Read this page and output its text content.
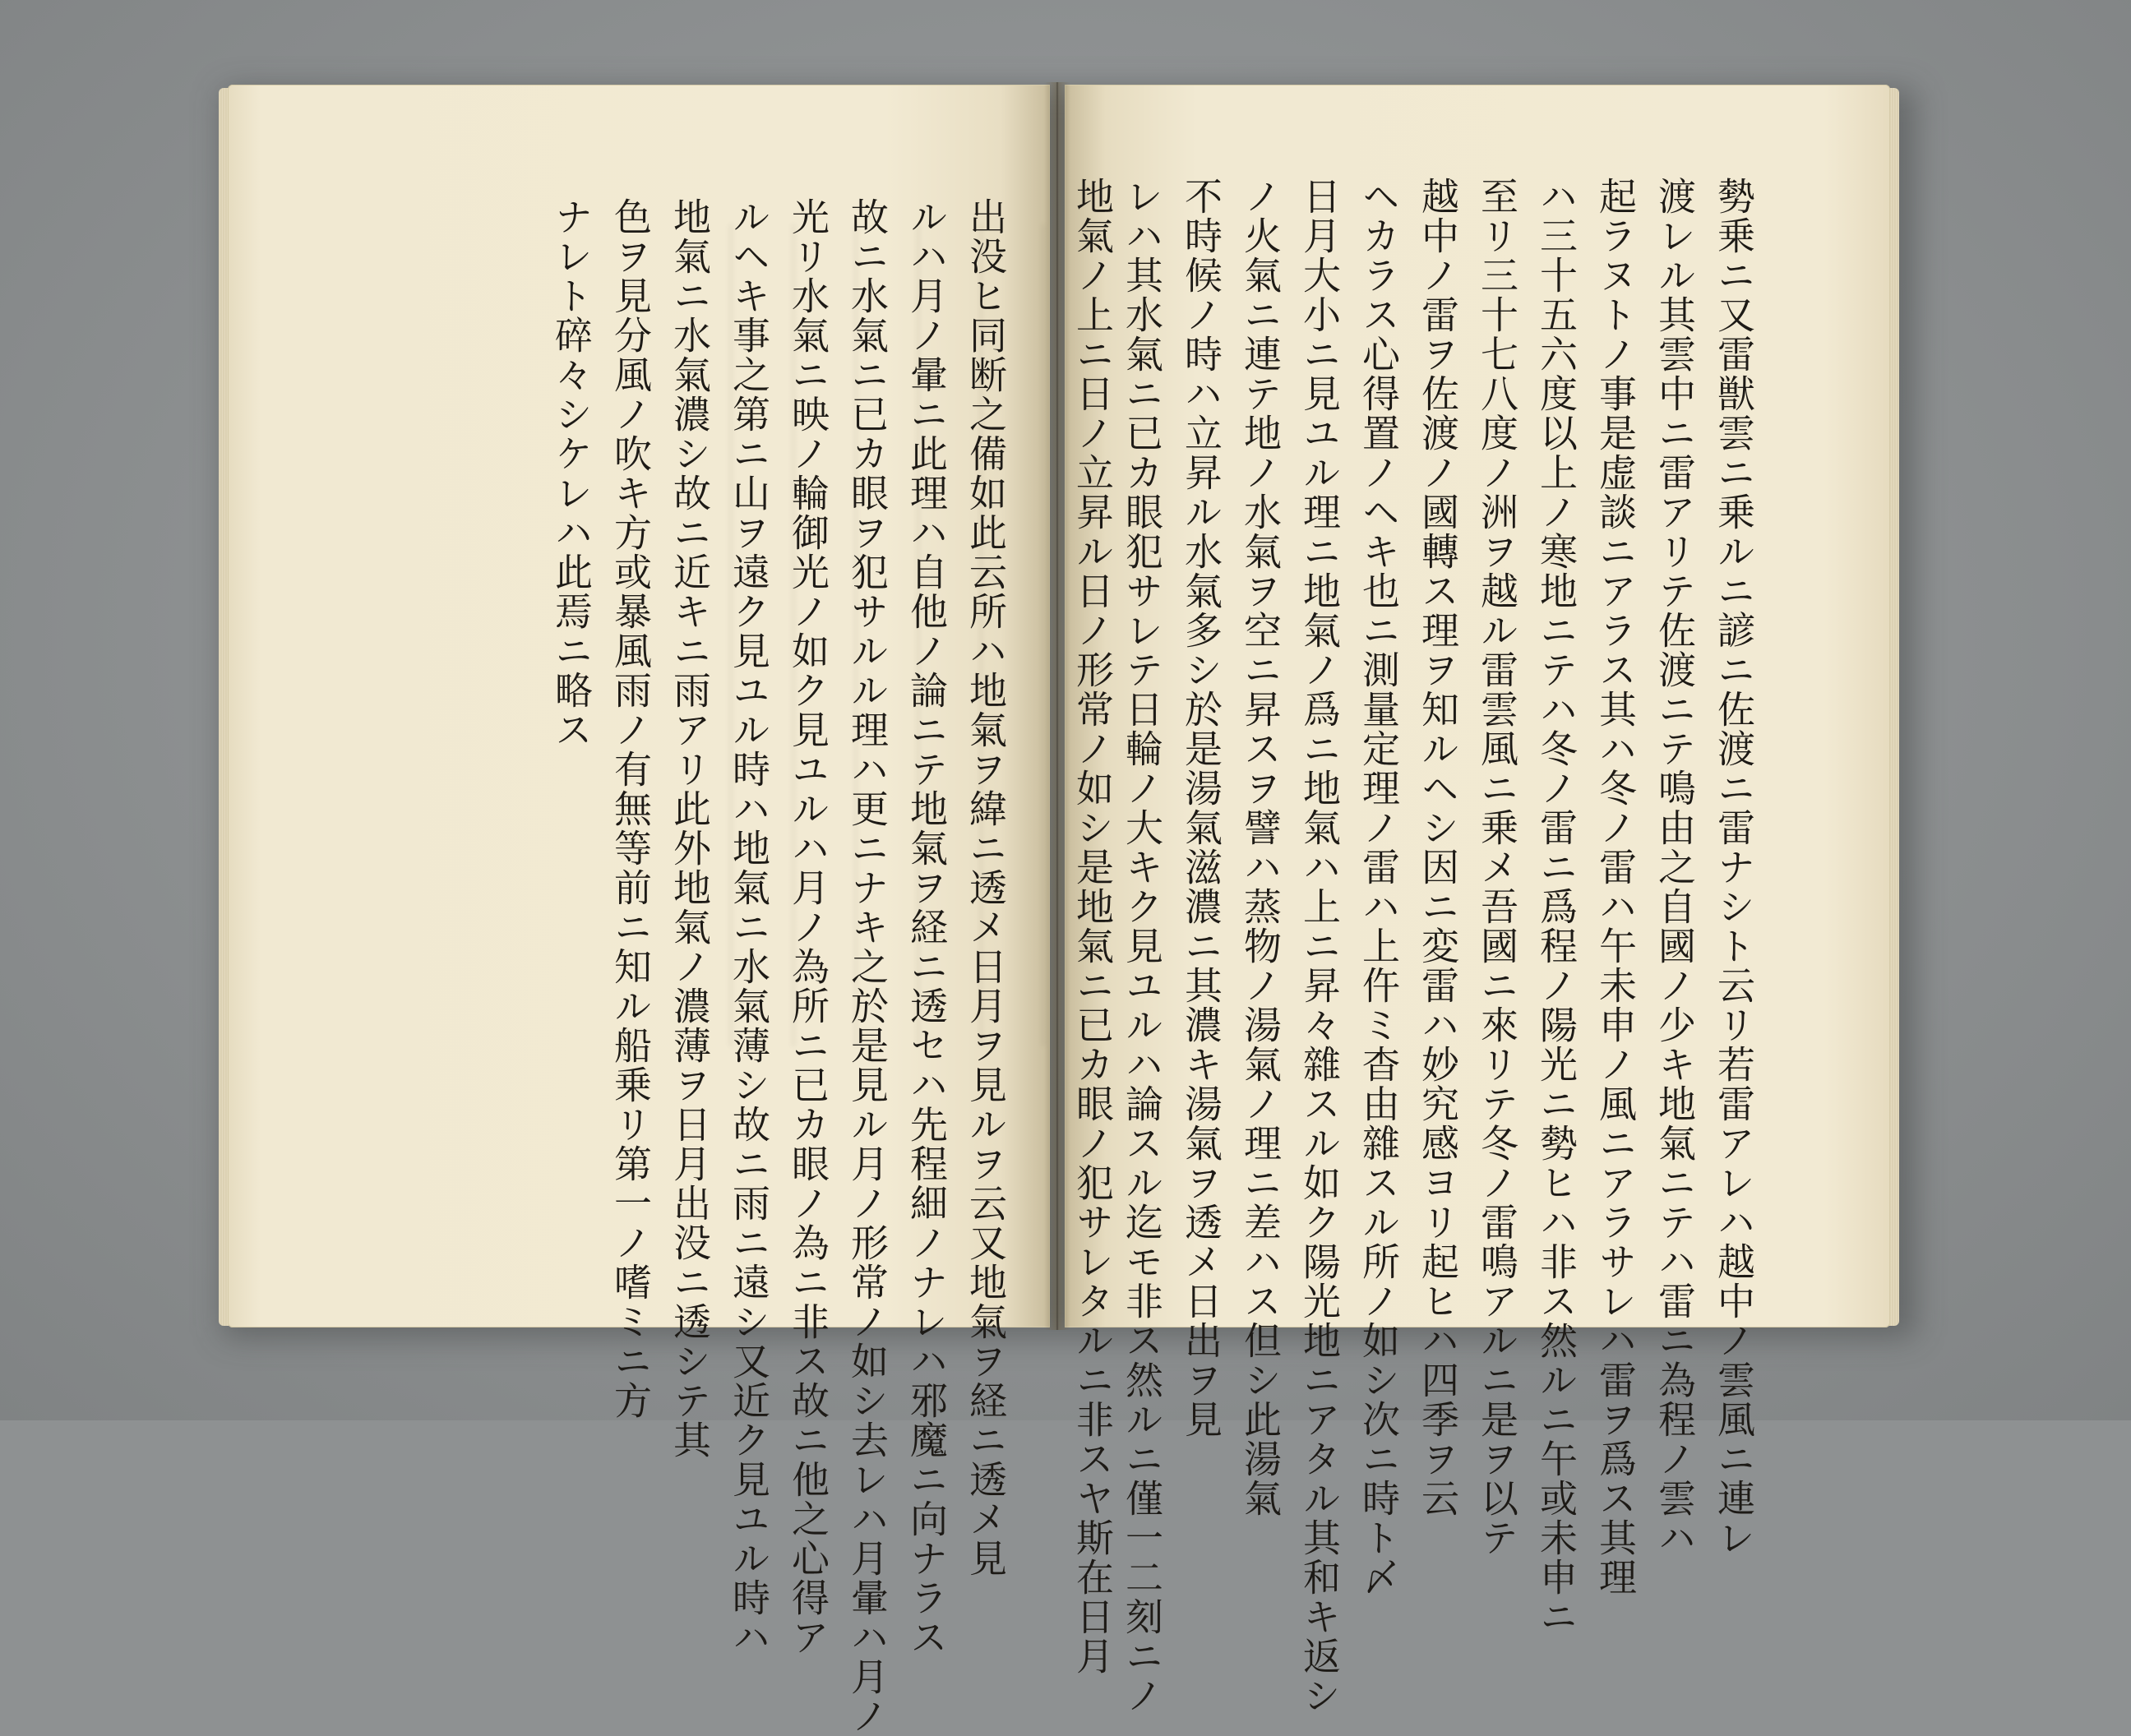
勢乗ニ又雷獣雲ニ乗ルニ諺ニ佐渡ニ雷ナシト云リ若雷アレハ越中ノ雲風ニ連レ
渡レル其雲中ニ雷アリテ佐渡ニテ鳴由之自國ノ少キ地氣ニテハ雷ニ為程ノ雲ハ
起ラヌトノ事是虚談ニアラス其ハ冬ノ雷ハ午未申ノ風ニアラサレハ雷ヲ爲ス其理
ハ三十五六度以上ノ寒地ニテハ冬ノ雷ニ爲程ノ陽光ニ勢ヒハ非ス然ルニ午或未申ニ
至リ三十七八度ノ洲ヲ越ル雷雲風ニ乗メ吾國ニ來リテ冬ノ雷鳴アルニ是ヲ以テ
越中ノ雷ヲ佐渡ノ國轉ス理ヲ知ルヘシ因ニ変雷ハ妙究感ヨリ起ヒハ四季ヲ云
ヘカラス心得置ノヘキ也ニ測量定理ノ雷ハ上仵ミ杳由雜スル所ノ如シ次ニ時ト〆
日月大小ニ見ユル理ニ地氣ノ爲ニ地氣ハ上ニ昇々雜スル如ク陽光地ニアタル其和キ返シ
ノ火氣ニ連テ地ノ水氣ヲ空ニ昇スヲ譬ハ蒸物ノ湯氣ノ理ニ差ハス但シ此湯氣
不時候ノ時ハ立昇ル水氣多シ於是湯氣滋濃ニ其濃キ湯氣ヲ透メ日出ヲ見
レハ其水氣ニ已カ眼犯サレテ日輪ノ大キク見ユルハ論スル迄モ非ス然ルニ僅一二刻ニノ
地氣ノ上ニ日ノ立昇ル日ノ形常ノ如シ是地氣ニ已カ眼ノ犯サレタルニ非スヤ斯在日月
出没ヒ同断之備如此云所ハ地氣ヲ緯ニ透メ日月ヲ見ルヲ云又地氣ヲ経ニ透メ見
ルハ月ノ暈ニ此理ハ自他ノ論ニテ地氣ヲ経ニ透セハ先程細ノナレハ邪魔ニ向ナラス
故ニ水氣ニ已カ眼ヲ犯サルル理ハ更ニナキ之於是見ル月ノ形常ノ如シ去レハ月暈ハ月ノ
光リ水氣ニ映ノ輪御光ノ如ク見ユルハ月ノ為所ニ已カ眼ノ為ニ非ス故ニ他之心得ア
ルヘキ事之第ニ山ヲ遠ク見ユル時ハ地氣ニ水氣薄シ故ニ雨ニ遠シ又近ク見ユル時ハ
地氣ニ水氣濃シ故ニ近キニ雨アリ此外地氣ノ濃薄ヲ日月出没ニ透シテ其
色ヲ見分風ノ吹キ方或暴風雨ノ有無等前ニ知ル船乗リ第一ノ嗜ミニ方
ナレト碎々シケレハ此焉ニ略ス
